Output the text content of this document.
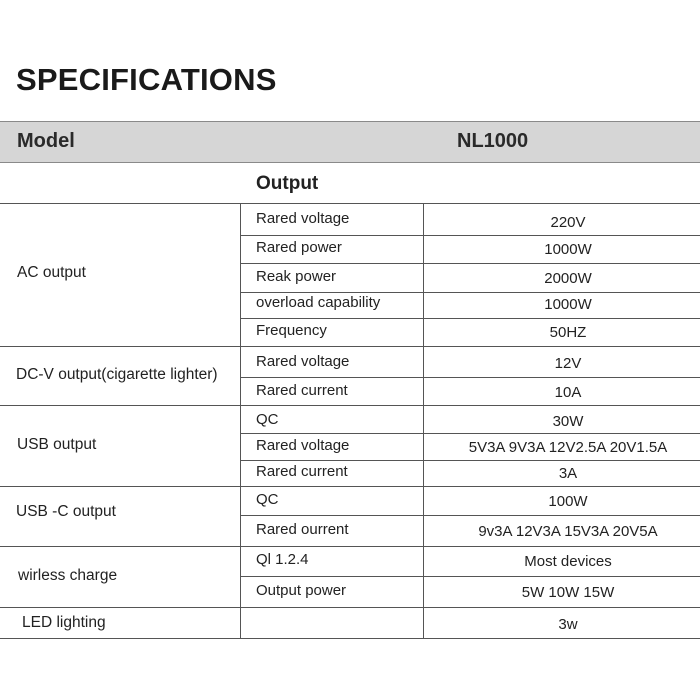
SPECIFICATIONS
Model	NL1000
Output
AC output
Rared voltage	220V
Rared power	1000W
Reak power	2000W
overload capability	1000W
Frequency	50HZ
DC-V output(cigarette lighter)
Rared voltage	12V
Rared current	10A
USB output
QC	30W
Rared voltage	5V3A 9V3A 12V2.5A 20V1.5A
Rared current	3A
USB -C output
QC	100W
Rared ourrent	9v3A 12V3A 15V3A 20V5A
wirless charge
Ql 1.2.4	Most devices
Output power	5W 10W 15W
LED lighting	3w
